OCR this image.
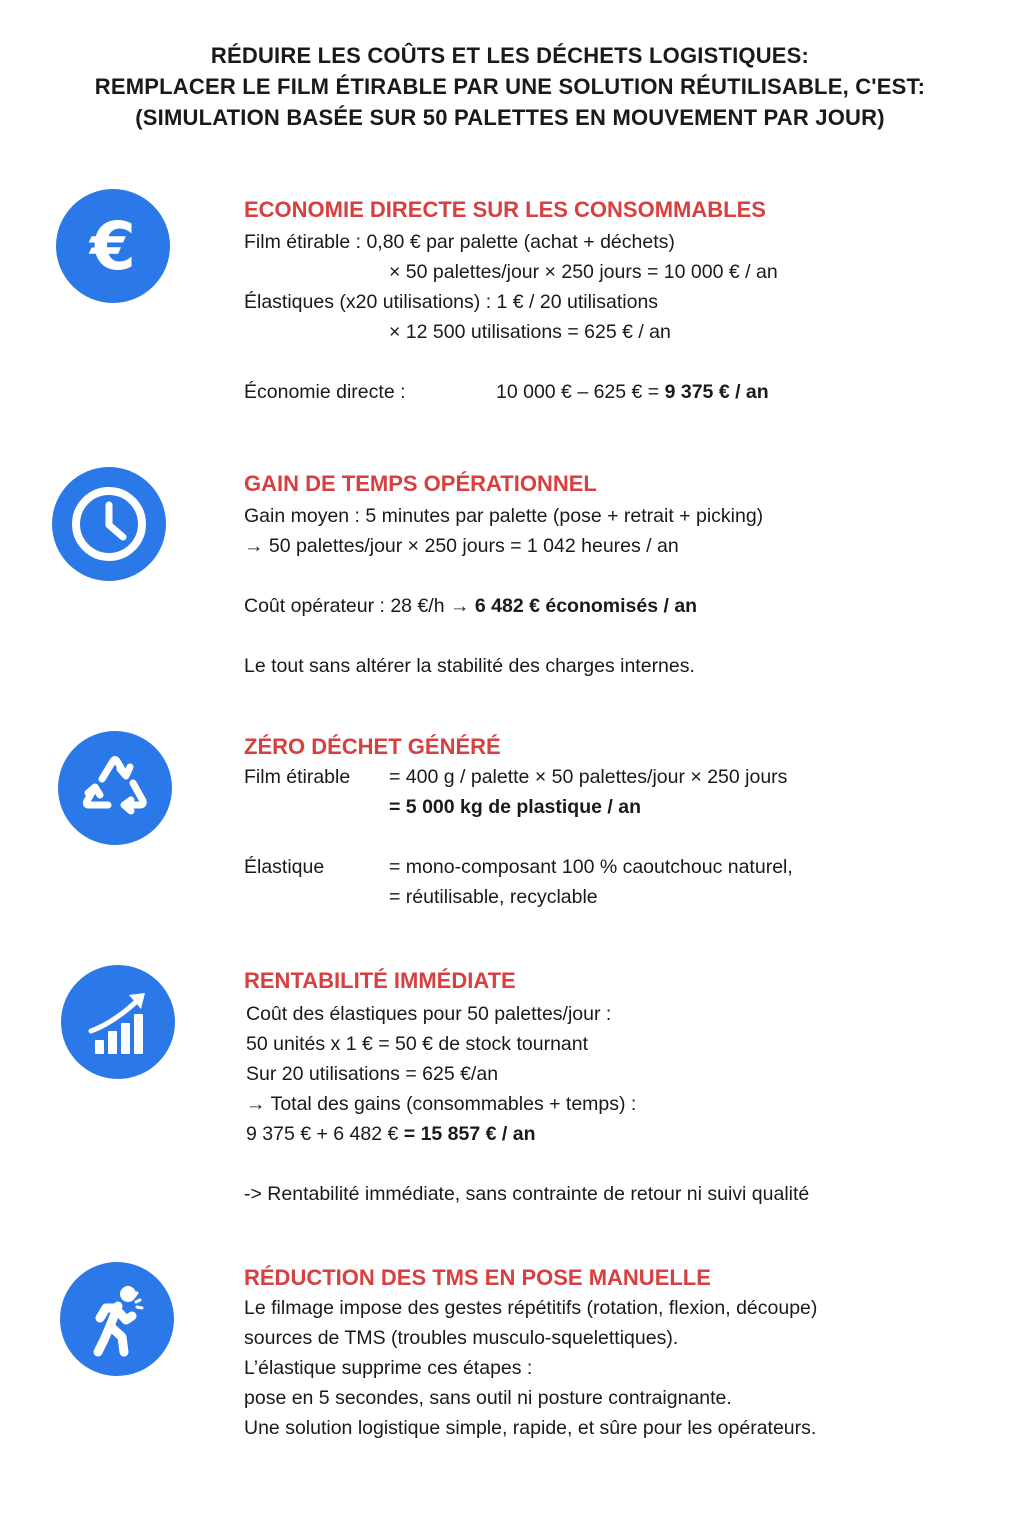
RÉDUIRE LES COÛTS ET LES DÉCHETS LOGISTIQUES:
REMPLACER LE FILM ÉTIRABLE PAR UNE SOLUTION RÉUTILISABLE, C'EST:
(SIMULATION BASÉE SUR 50 PALETTES EN MOUVEMENT PAR JOUR)
€	ECONOMIE DIRECTE SUR LES CONSOMMABLES
Film étirable : 0,80 € par palette (achat + déchets)
× 50 palettes/jour × 250 jours = 10 000 € / an
Élastiques (x20 utilisations) : 1 € / 20 utilisations
× 12 500 utilisations = 625 € / an
Économie directe :	10 000 € – 625 € = 9 375 € / an
GAIN DE TEMPS OPÉRATIONNEL
Gain moyen : 5 minutes par palette (pose + retrait + picking)
→ 50 palettes/jour × 250 jours = 1 042 heures / an
Coût opérateur : 28 €/h → 6 482 € économisés / an
Le tout sans altérer la stabilité des charges internes.
ZÉRO DÉCHET GÉNÉRÉ
Film étirable = 400 g / palette × 50 palettes/jour × 250 jours
= 5 000 kg de plastique / an
Élastique	= mono-composant 100 % caoutchouc naturel,
= réutilisable, recyclable
RENTABILITÉ IMMÉDIATE
Coût des élastiques pour 50 palettes/jour :
50 unités x 1 € = 50 € de stock tournant
Sur 20 utilisations = 625 €/an
→ Total des gains (consommables + temps) :
9 375 € + 6 482 € = 15 857 € / an
-> Rentabilité immédiate, sans contrainte de retour ni suivi qualité
RÉDUCTION DES TMS EN POSE MANUELLE
Le filmage impose des gestes répétitifs (rotation, flexion, découpe)
sources de TMS (troubles musculo-squelettiques).
L’élastique supprime ces étapes :
pose en 5 secondes, sans outil ni posture contraignante.
Une solution logistique simple, rapide, et sûre pour les opérateurs.
